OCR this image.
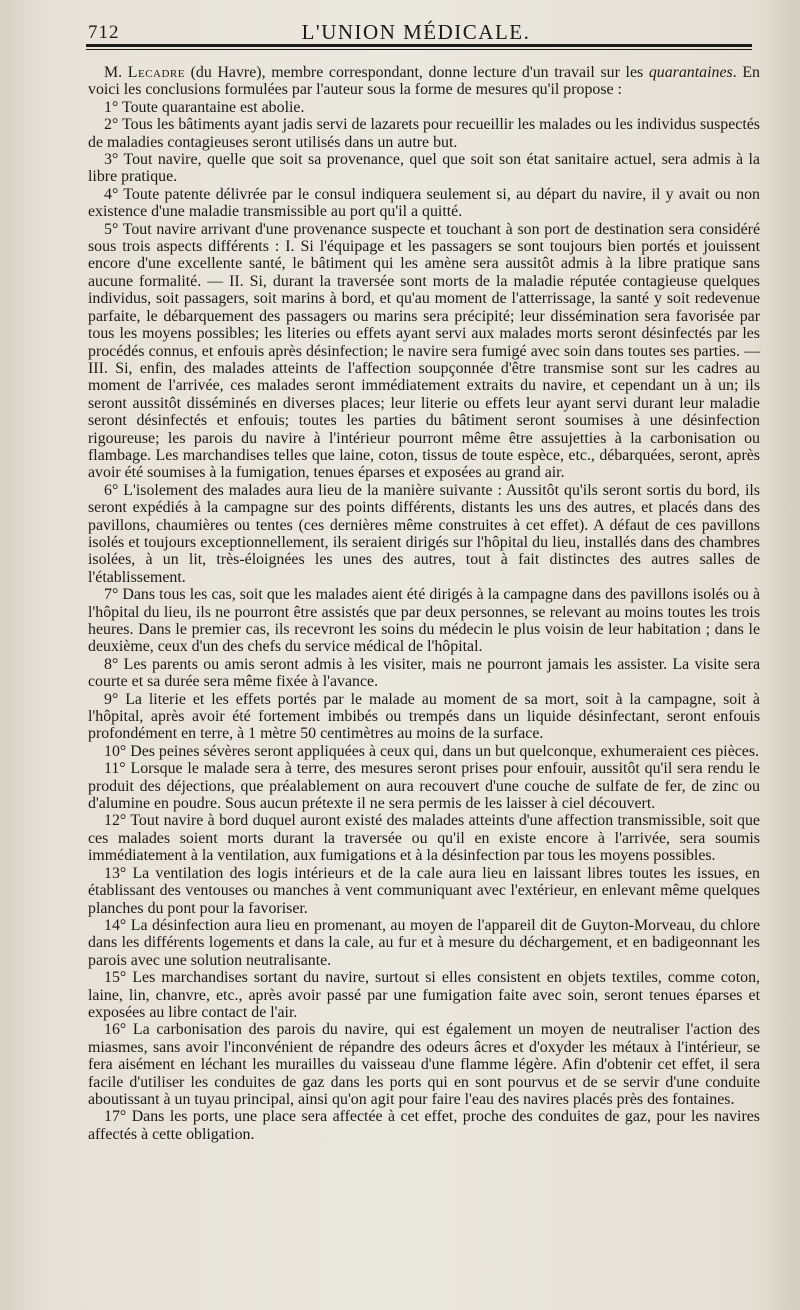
712	L'UNION MÉDICALE.

M. Lecadre (du Havre), membre correspondant, donne lecture d'un travail sur les quarantaines. En voici les conclusions formulées par l'auteur sous la forme de mesures qu'il propose :

1° Toute quarantaine est abolie.

2° Tous les bâtiments ayant jadis servi de lazarets pour recueillir les malades ou les individus suspectés de maladies contagieuses seront utilisés dans un autre but.

3° Tout navire, quelle que soit sa provenance, quel que soit son état sanitaire actuel, sera admis à la libre pratique.

4° Toute patente délivrée par le consul indiquera seulement si, au départ du navire, il y avait ou non existence d'une maladie transmissible au port qu'il a quitté.

5° Tout navire arrivant d'une provenance suspecte et touchant à son port de destination sera considéré sous trois aspects différents : I. Si l'équipage et les passagers se sont toujours bien portés et jouissent encore d'une excellente santé, le bâtiment qui les amène sera aussitôt admis à la libre pratique sans aucune formalité. — II. Si, durant la traversée sont morts de la maladie réputée contagieuse quelques individus, soit passagers, soit marins à bord, et qu'au moment de l'atterrissage, la santé y soit redevenue parfaite, le débarquement des passagers ou marins sera précipité; leur dissémination sera favorisée par tous les moyens possibles; les literies ou effets ayant servi aux malades morts seront désinfectés par les procédés connus, et enfouis après désinfection; le navire sera fumigé avec soin dans toutes ses parties. — III. Si, enfin, des malades atteints de l'affection soupçonnée d'être transmise sont sur les cadres au moment de l'arrivée, ces malades seront immédiatement extraits du navire, et cependant un à un; ils seront aussitôt disséminés en diverses places; leur literie ou effets leur ayant servi durant leur maladie seront désinfectés et enfouis; toutes les parties du bâtiment seront soumises à une désinfection rigoureuse; les parois du navire à l'intérieur pourront même être assujetties à la carbonisation ou flambage. Les marchandises telles que laine, coton, tissus de toute espèce, etc., débarquées, seront, après avoir été soumises à la fumigation, tenues éparses et exposées au grand air.

6° L'isolement des malades aura lieu de la manière suivante : Aussitôt qu'ils seront sortis du bord, ils seront expédiés à la campagne sur des points différents, distants les uns des autres, et placés dans des pavillons, chaumières ou tentes (ces dernières même construites à cet effet). A défaut de ces pavillons isolés et toujours exceptionnellement, ils seraient dirigés sur l'hôpital du lieu, installés dans des chambres isolées, à un lit, très-éloignées les unes des autres, tout à fait distinctes des autres salles de l'établissement.

7° Dans tous les cas, soit que les malades aient été dirigés à la campagne dans des pavillons isolés ou à l'hôpital du lieu, ils ne pourront être assistés que par deux personnes, se relevant au moins toutes les trois heures. Dans le premier cas, ils recevront les soins du médecin le plus voisin de leur habitation ; dans le deuxième, ceux d'un des chefs du service médical de l'hôpital.

8° Les parents ou amis seront admis à les visiter, mais ne pourront jamais les assister. La visite sera courte et sa durée sera même fixée à l'avance.

9° La literie et les effets portés par le malade au moment de sa mort, soit à la campagne, soit à l'hôpital, après avoir été fortement imbibés ou trempés dans un liquide désinfectant, seront enfouis profondément en terre, à 1 mètre 50 centimètres au moins de la surface.

10° Des peines sévères seront appliquées à ceux qui, dans un but quelconque, exhumeraient ces pièces.

11° Lorsque le malade sera à terre, des mesures seront prises pour enfouir, aussitôt qu'il sera rendu le produit des déjections, que préalablement on aura recouvert d'une couche de sulfate de fer, de zinc ou d'alumine en poudre. Sous aucun prétexte il ne sera permis de les laisser à ciel découvert.

12° Tout navire à bord duquel auront existé des malades atteints d'une affection transmissible, soit que ces malades soient morts durant la traversée ou qu'il en existe encore à l'arrivée, sera soumis immédiatement à la ventilation, aux fumigations et à la désinfection par tous les moyens possibles.

13° La ventilation des logis intérieurs et de la cale aura lieu en laissant libres toutes les issues, en établissant des ventouses ou manches à vent communiquant avec l'extérieur, en enlevant même quelques planches du pont pour la favoriser.

14° La désinfection aura lieu en promenant, au moyen de l'appareil dit de Guyton-Morveau, du chlore dans les différents logements et dans la cale, au fur et à mesure du déchargement, et en badigeonnant les parois avec une solution neutralisante.

15° Les marchandises sortant du navire, surtout si elles consistent en objets textiles, comme coton, laine, lin, chanvre, etc., après avoir passé par une fumigation faite avec soin, seront tenues éparses et exposées au libre contact de l'air.

16° La carbonisation des parois du navire, qui est également un moyen de neutraliser l'action des miasmes, sans avoir l'inconvénient de répandre des odeurs âcres et d'oxyder les métaux à l'intérieur, se fera aisément en léchant les murailles du vaisseau d'une flamme légère. Afin d'obtenir cet effet, il sera facile d'utiliser les conduites de gaz dans les ports qui en sont pourvus et de se servir d'une conduite aboutissant à un tuyau principal, ainsi qu'on agit pour faire l'eau des navires placés près des fontaines.

17° Dans les ports, une place sera affectée à cet effet, proche des conduites de gaz, pour les navires affectés à cette obligation.
